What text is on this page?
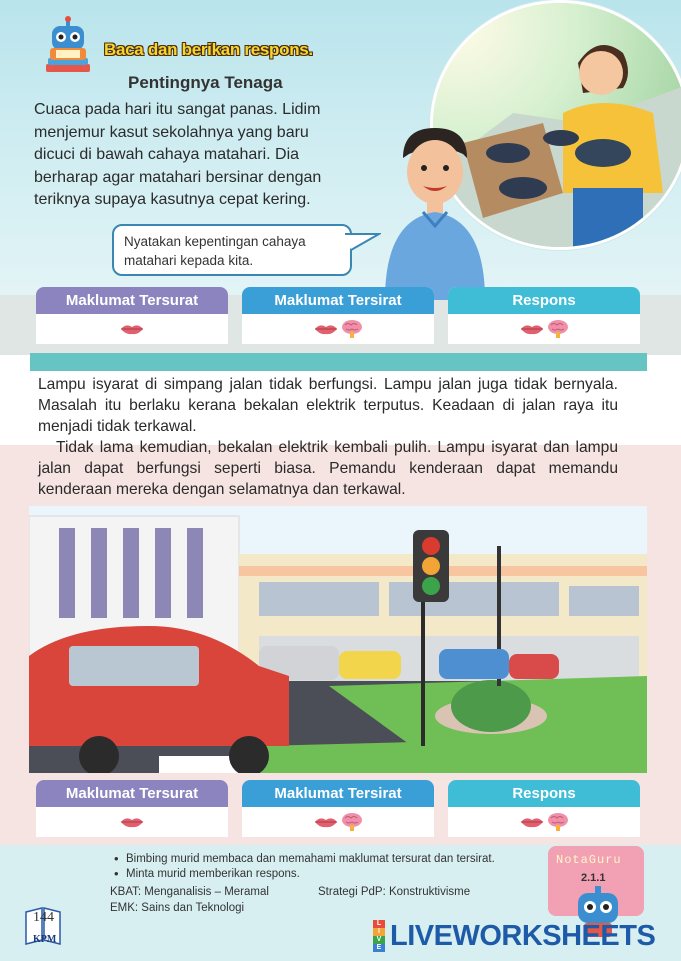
Baca dan berikan respons.
Pentingnya Tenaga
Cuaca pada hari itu sangat panas. Lidim
menjemur kasut sekolahnya yang baru
dicuci di bawah cahaya matahari. Dia
berharap agar matahari bersinar dengan
teriknya supaya kasutnya cepat kering.
Nyatakan kepentingan cahaya
matahari kepada kita.
Maklumat Tersurat	Maklumat Tersirat	Respons

Lampu isyarat di simpang jalan tidak berfungsi. Lampu jalan juga tidak bernyala. Masalah itu berlaku kerana bekalan elektrik terputus. Keadaan di jalan raya itu menjadi tidak terkawal.

Tidak lama kemudian, bekalan elektrik kembali pulih. Lampu isyarat dan lampu jalan dapat berfungsi seperti biasa. Pemandu kenderaan dapat memandu kenderaan mereka dengan selamatnya dan terkawal.

Maklumat Tersurat	Maklumat Tersirat	Respons
• Bimbing murid membaca dan memahami maklumat tersurat dan tersirat.
• Minta murid memberikan respons.
KBAT: Menganalisis – Meramal	Strategi PdP: Konstruktivisme
EMK: Sains dan Teknologi
144
KPM
NotaGuru
2.1.1
L
I
V
E LIVEWORKSHEETS
